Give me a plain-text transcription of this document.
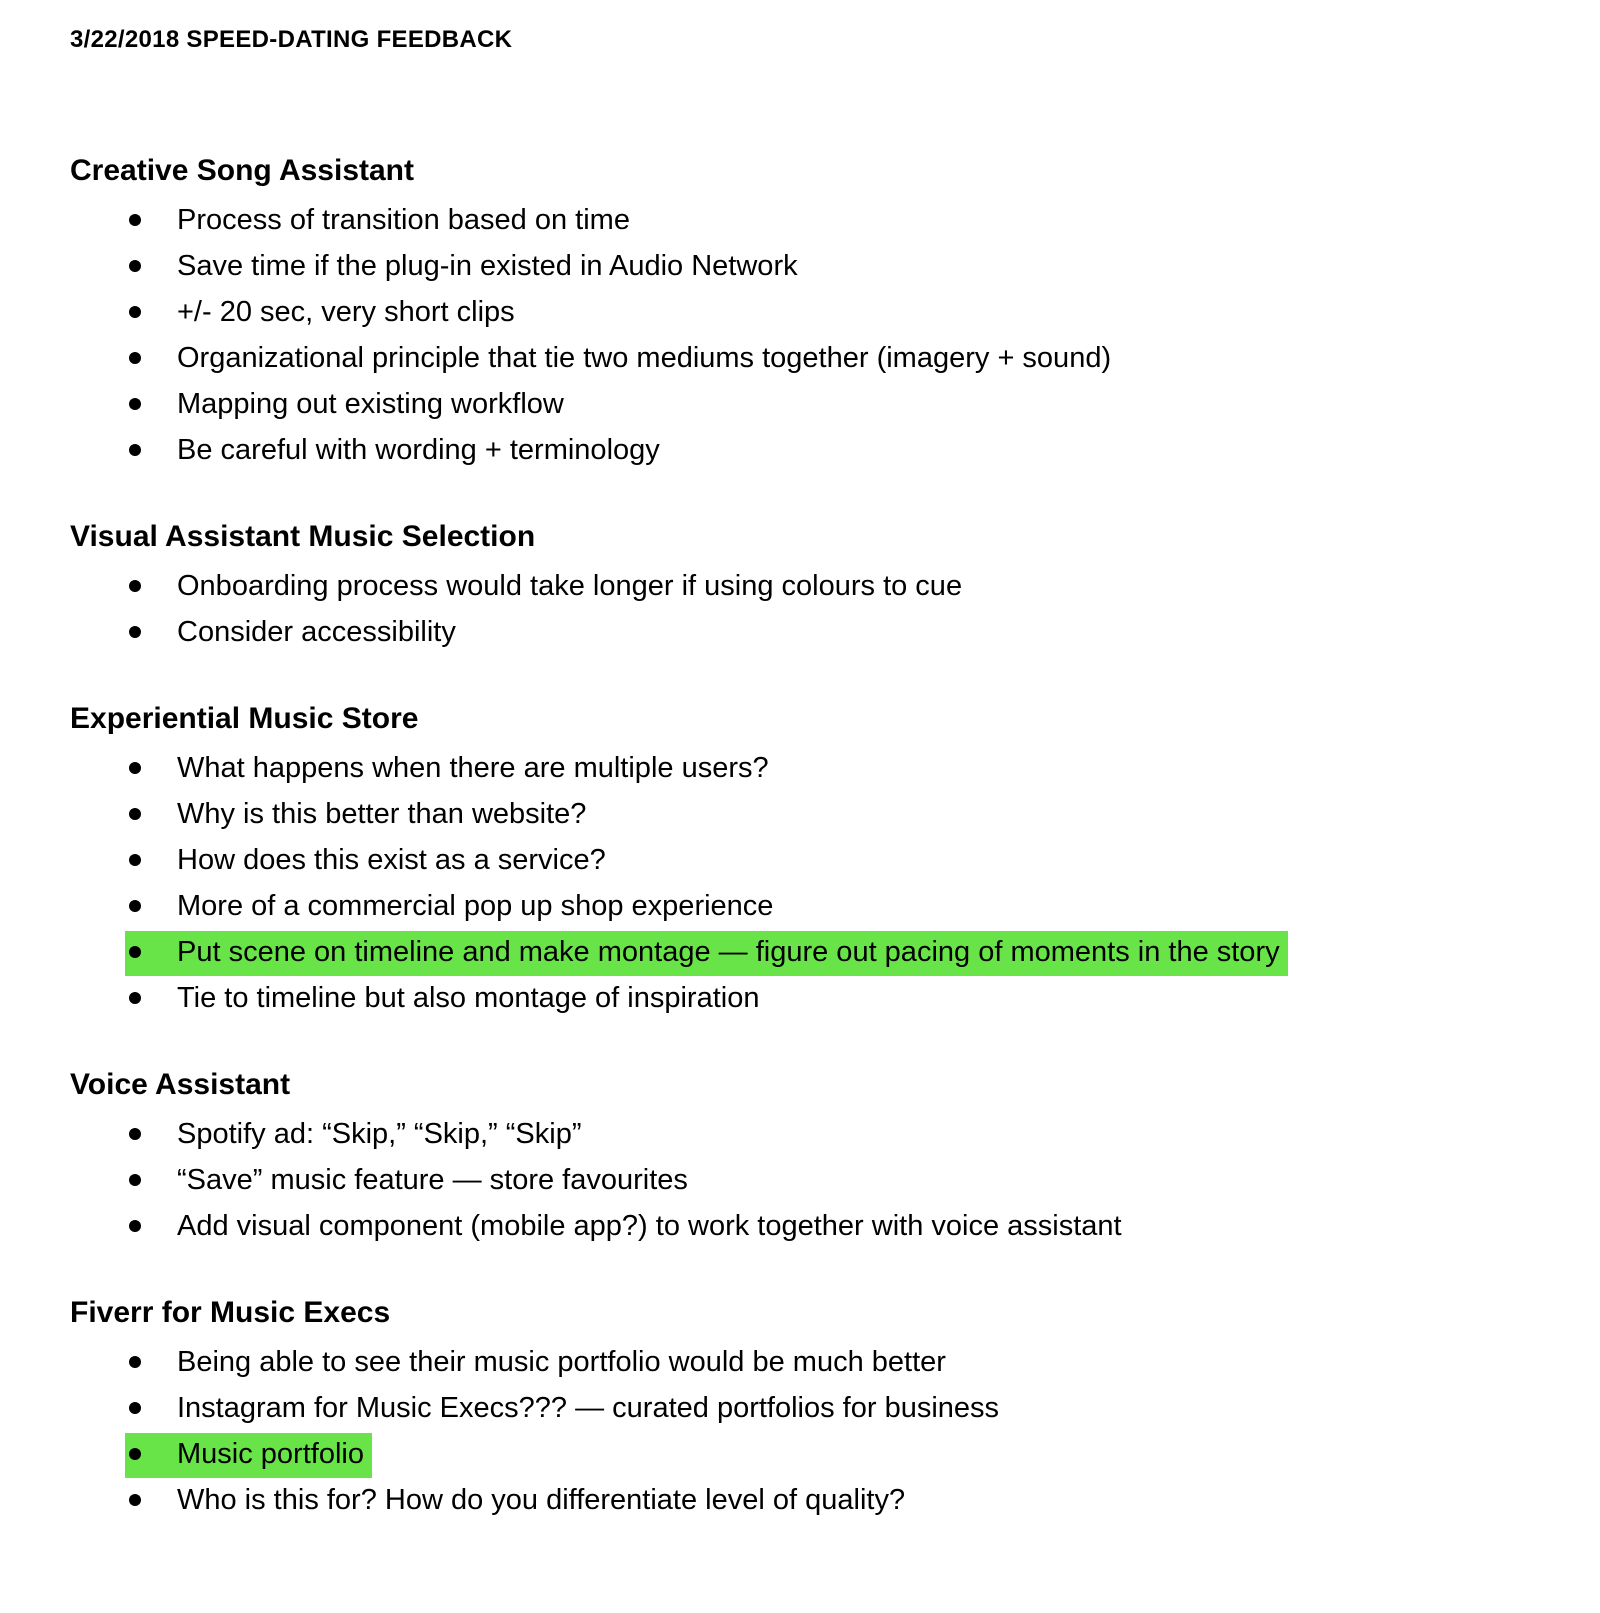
3/22/2018 SPEED-DATING FEEDBACK
Creative Song Assistant
Process of transition based on time
Save time if the plug-in existed in Audio Network
+/- 20 sec, very short clips
Organizational principle that tie two mediums together (imagery + sound)
Mapping out existing workflow
Be careful with wording + terminology
Visual Assistant Music Selection
Onboarding process would take longer if using colours to cue
Consider accessibility
Experiential Music Store
What happens when there are multiple users?
Why is this better than website?
How does this exist as a service?
More of a commercial pop up shop experience
Put scene on timeline and make montage — figure out pacing of moments in the story
Tie to timeline but also montage of inspiration
Voice Assistant
Spotify ad: “Skip,” “Skip,” “Skip”
“Save” music feature — store favourites
Add visual component (mobile app?) to work together with voice assistant
Fiverr for Music Execs
Being able to see their music portfolio would be much better
Instagram for Music Execs??? — curated portfolios for business
Music portfolio
Who is this for? How do you differentiate level of quality?
